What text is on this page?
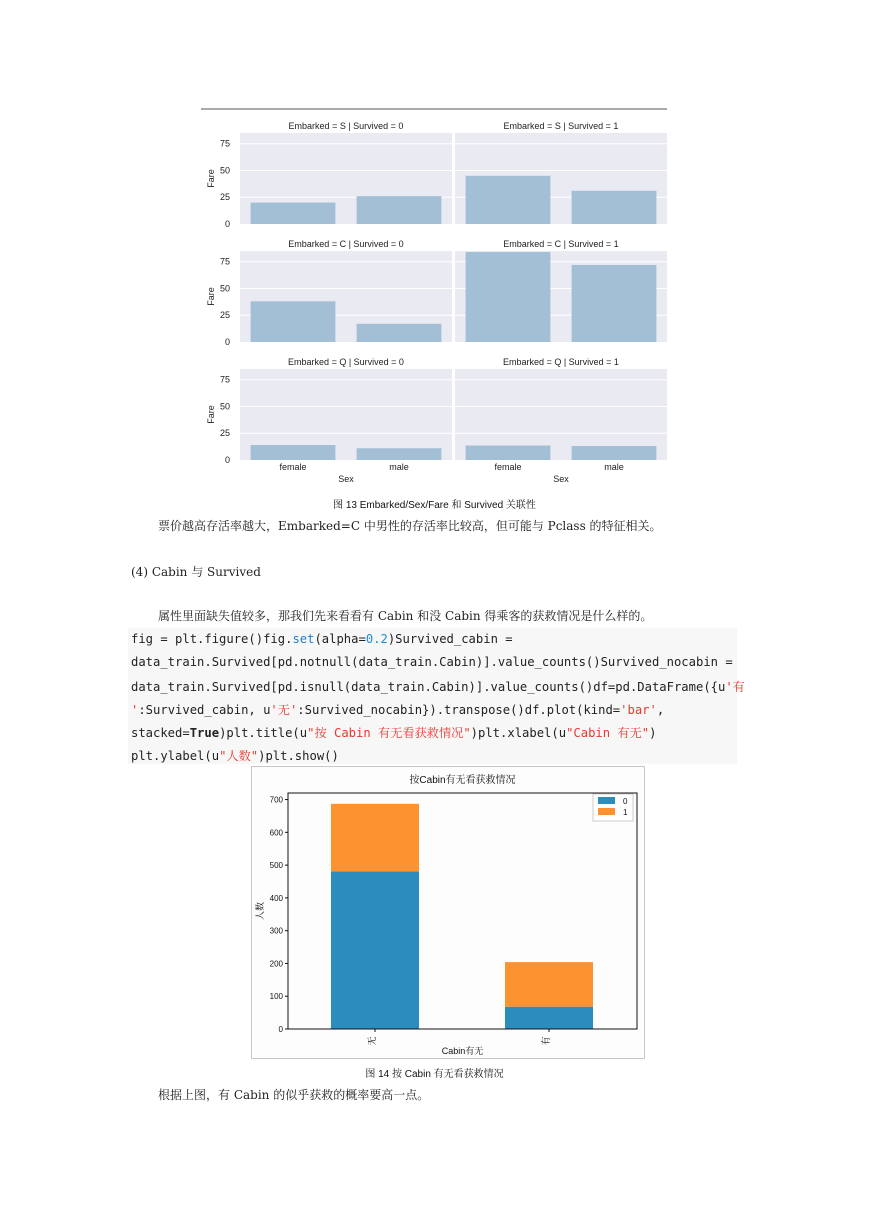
Embarked = S | Survived = 0
0
25
50
75
Fare
Embarked = S | Survived = 1
Embarked = C | Survived = 0
0
25
50
75
Fare
Embarked = C | Survived = 1
Embarked = Q | Survived = 0
0
25
50
75
Fare
female	male
Sex
Embarked = Q | Survived = 1
female	male
Sex
图 13 Embarked/Sex/Fare 和 Survived 关联性
票价越高存活率越大，Embarked=C 中男性的存活率比较高，但可能与 Pclass 的特征相关。
(4) Cabin 与 Survived
属性里面缺失值较多，那我们先来看看有 Cabin 和没 Cabin 得乘客的获救情况是什么样的。
fig = plt.figure()fig.set(alpha=0.2)Survived_cabin =
data_train.Survived[pd.notnull(data_train.Cabin)].value_counts()Survived_nocabin =
data_train.Survived[pd.isnull(data_train.Cabin)].value_counts()df=pd.DataFrame({u'有
':Survived_cabin, u'无':Survived_nocabin}).transpose()df.plot(kind='bar',
stacked=True)plt.title(u"按 Cabin 有无看获救情况")plt.xlabel(u"Cabin 有无")
plt.ylabel(u"人数")plt.show()
按Cabin有无看获救情况
无	有
0
100
200
300
400
500
600
700
人数
Cabin有无
0
1
图 14 按 Cabin 有无看获救情况
根据上图，有 Cabin 的似乎获救的概率要高一点。
